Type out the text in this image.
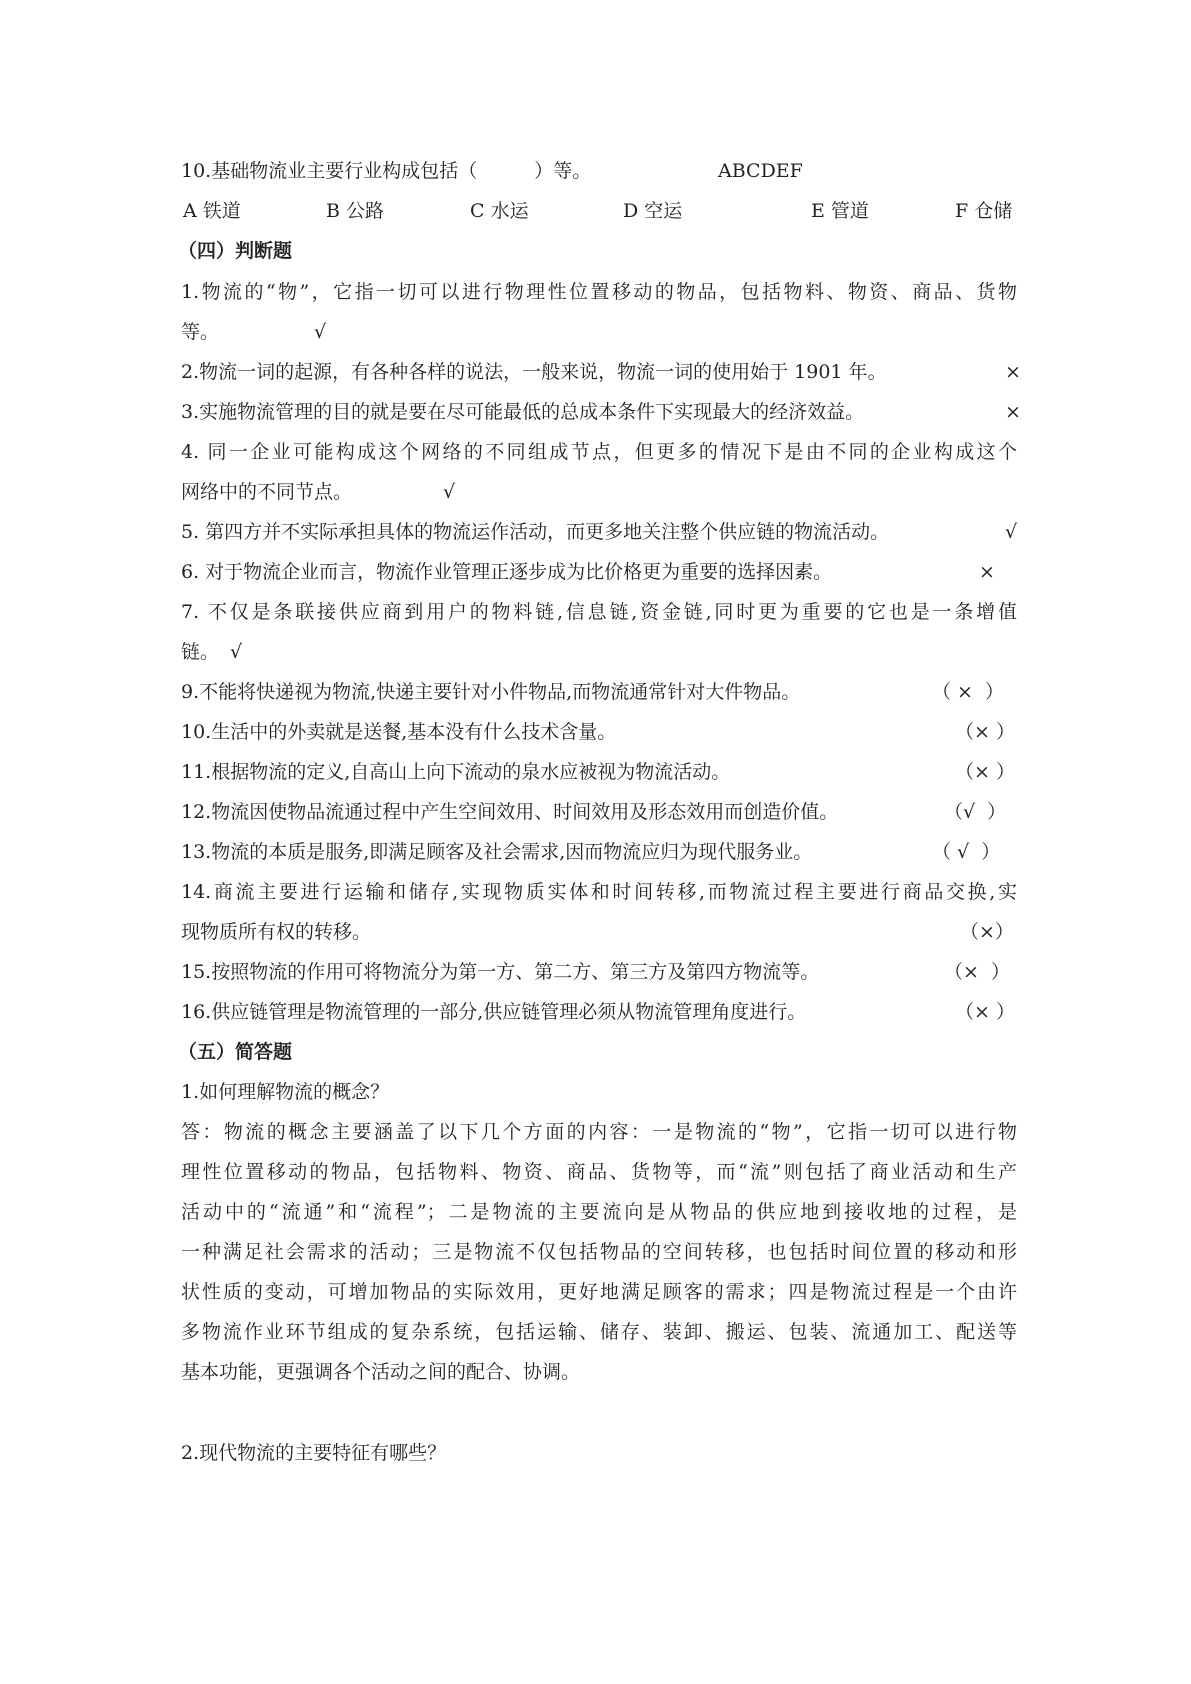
10.基础物流业主要行业构成包括（　　　）等。	ABCDEF
A 铁道	B 公路	C 水运	D 空运	E 管道	F 仓储
（四）判断题
1.物流的“物”，它指一切可以进行物理性位置移动的物品，包括物料、物资、商品、货物
等。	√
2.物流一词的起源，有各种各样的说法，一般来说，物流一词的使用始于 1901 年。	×
3.实施物流管理的目的就是要在尽可能最低的总成本条件下实现最大的经济效益。	×
4. 同一企业可能构成这个网络的不同组成节点，但更多的情况下是由不同的企业构成这个
网络中的不同节点。	√
5. 第四方并不实际承担具体的物流运作活动，而更多地关注整个供应链的物流活动。	√
6. 对于物流企业而言，物流作业管理正逐步成为比价格更为重要的选择因素。	×
7. 不仅是条联接供应商到用户的物料链,信息链,资金链,同时更为重要的它也是一条增值
链。 √
9.不能将快递视为物流,快递主要针对小件物品,而物流通常针对大件物品。	（ ×  ）
10.生活中的外卖就是送餐,基本没有什么技术含量。	（× ）
11.根据物流的定义,自高山上向下流动的泉水应被视为物流活动。	（× ）
12.物流因使物品流通过程中产生空间效用、时间效用及形态效用而创造价值。	（√  ）
13.物流的本质是服务,即满足顾客及社会需求,因而物流应归为现代服务业。	（ √  ）
14.商流主要进行运输和储存,实现物质实体和时间转移,而物流过程主要进行商品交换,实
现物质所有权的转移。	（×）
15.按照物流的作用可将物流分为第一方、第二方、第三方及第四方物流等。	（×  ）
16.供应链管理是物流管理的一部分,供应链管理必须从物流管理角度进行。	（× ）
（五）简答题
1.如何理解物流的概念？
答：物流的概念主要涵盖了以下几个方面的内容：一是物流的“物”，它指一切可以进行物
理性位置移动的物品，包括物料、物资、商品、货物等，而“流”则包括了商业活动和生产
活动中的“流通”和“流程”；二是物流的主要流向是从物品的供应地到接收地的过程，是
一种满足社会需求的活动；三是物流不仅包括物品的空间转移，也包括时间位置的移动和形
状性质的变动，可增加物品的实际效用，更好地满足顾客的需求；四是物流过程是一个由许
多物流作业环节组成的复杂系统，包括运输、储存、装卸、搬运、包装、流通加工、配送等
基本功能，更强调各个活动之间的配合、协调。
2.现代物流的主要特征有哪些？
